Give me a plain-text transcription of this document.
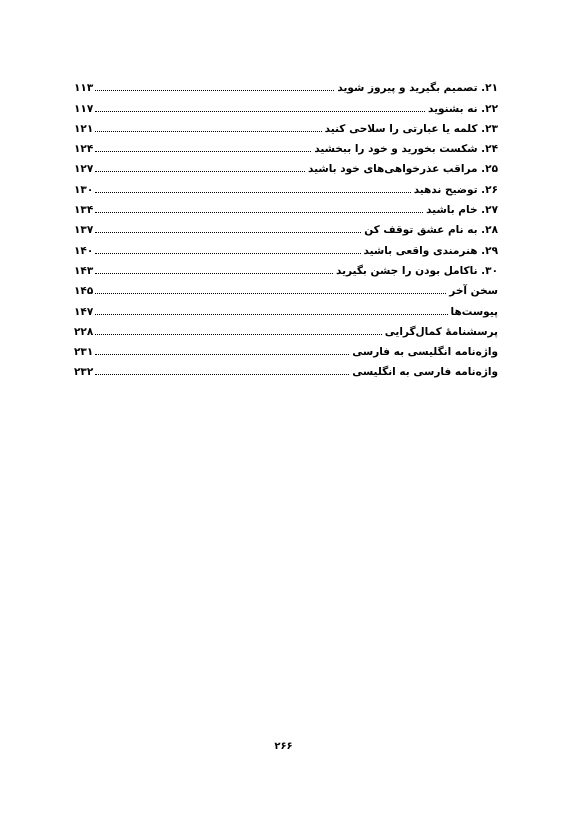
۲۱. تصمیم بگیرید و پیروز شوید
۱۱۳
۲۲. نه بشنوید
۱۱۷
۲۳. کلمه یا عبارتی را سلاحی کنید
۱۲۱
۲۴. شکست بخورید و خود را ببخشید
۱۲۴
۲۵. مراقب عذرخواهی‌های خود باشید
۱۲۷
۲۶. توضیح ندهید
۱۳۰
۲۷. خام باشید
۱۳۴
۲۸. به نام عشق توقف کن
۱۳۷
۲۹. هنرمندی واقعی باشید
۱۴۰
۳۰. ناکامل بودن را جشن بگیرید
۱۴۳
سخن آخر
۱۴۵
پیوست‌ها
۱۴۷
پرسشنامۀ کمال‌گرایی
۲۲۸
واژه‌نامه انگلیسی به فارسی
۲۳۱
واژه‌نامه فارسی به انگلیسی
۲۳۲
۲۶۶
